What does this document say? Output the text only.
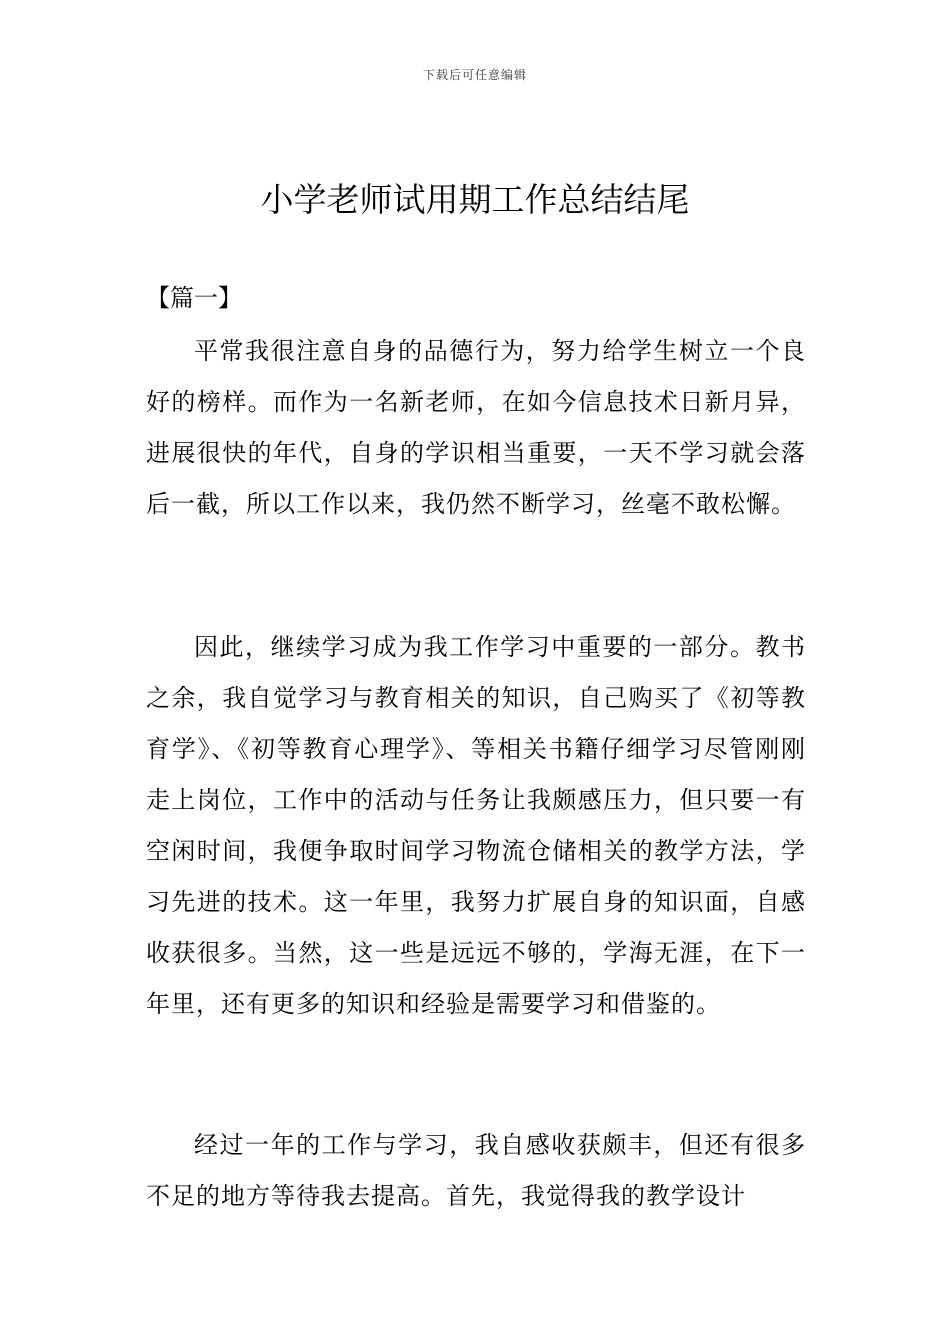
下载后可任意编辑
小学老师试用期工作总结结尾

【篇一】

平常我很注意自身的品德行为，努力给学生树立一个良好的榜样。而作为一名新老师，在如今信息技术日新月异，进展很快的年代，自身的学识相当重要，一天不学习就会落后一截，所以工作以来，我仍然不断学习，丝毫不敢松懈。

因此，继续学习成为我工作学习中重要的一部分。教书之余，我自觉学习与教育相关的知识，自己购买了《初等教育学》、《初等教育心理学》、等相关书籍仔细学习尽管刚刚走上岗位，工作中的活动与任务让我颇感压力，但只要一有空闲时间，我便争取时间学习物流仓储相关的教学方法，学习先进的技术。这一年里，我努力扩展自身的知识面，自感收获很多。当然，这一些是远远不够的，学海无涯，在下一年里，还有更多的知识和经验是需要学习和借鉴的。

经过一年的工作与学习，我自感收获颇丰，但还有很多不足的地方等待我去提高。首先，我觉得我的教学设计
